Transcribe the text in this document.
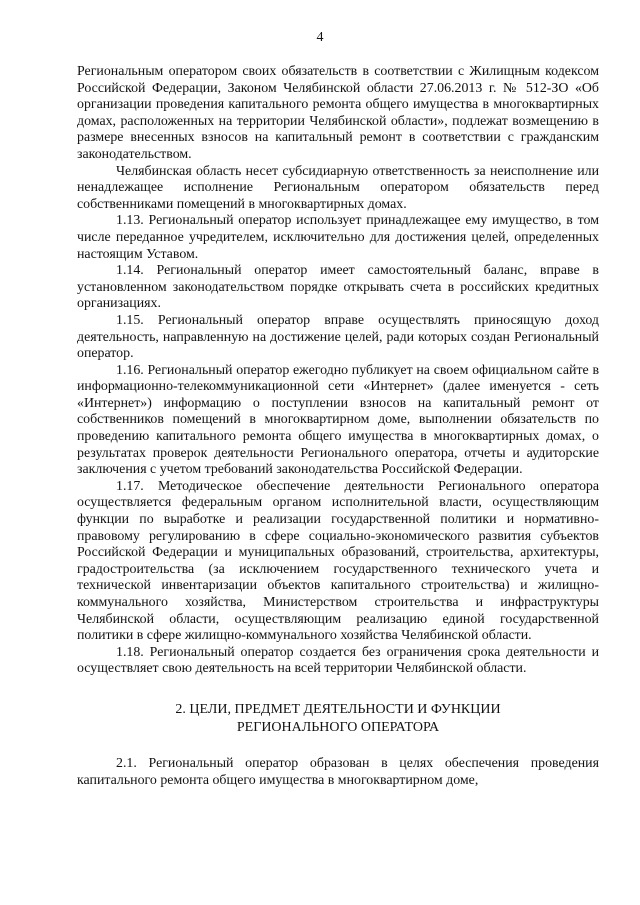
4

Региональным оператором своих обязательств в соответствии с Жилищным кодексом Российской Федерации, Законом Челябинской области 27.06.2013 г. № 512-ЗО «Об организации проведения капитального ремонта общего имущества в многоквартирных домах, расположенных на территории Челябинской области», подлежат возмещению в размере внесенных взносов на капитальный ремонт в соответствии с гражданским законодательством.

Челябинская область несет субсидиарную ответственность за неисполнение или ненадлежащее исполнение Региональным оператором обязательств перед собственниками помещений в многоквартирных домах.

1.13. Региональный оператор использует принадлежащее ему имущество, в том числе переданное учредителем, исключительно для достижения целей, определенных настоящим Уставом.

1.14. Региональный оператор имеет самостоятельный баланс, вправе в установленном законодательством порядке открывать счета в российских кредитных организациях.

1.15. Региональный оператор вправе осуществлять приносящую доход деятельность, направленную на достижение целей, ради которых создан Региональный оператор.

1.16. Региональный оператор ежегодно публикует на своем официальном сайте в информационно-телекоммуникационной сети «Интернет» (далее именуется - сеть «Интернет») информацию о поступлении взносов на капитальный ремонт от собственников помещений в многоквартирном доме, выполнении обязательств по проведению капитального ремонта общего имущества в многоквартирных домах, о результатах проверок деятельности Регионального оператора, отчеты и аудиторские заключения с учетом требований законодательства Российской Федерации.

1.17. Методическое обеспечение деятельности Регионального оператора осуществляется федеральным органом исполнительной власти, осуществляющим функции по выработке и реализации государственной политики и нормативно-правовому регулированию в сфере социально-экономического развития субъектов Российской Федерации и муниципальных образований, строительства, архитектуры, градостроительства (за исключением государственного технического учета и технической инвентаризации объектов капитального строительства) и жилищно-коммунального хозяйства, Министерством строительства и инфраструктуры Челябинской области, осуществляющим реализацию единой государственной политики в сфере жилищно-коммунального хозяйства Челябинской области.

1.18. Региональный оператор создается без ограничения срока деятельности и осуществляет свою деятельность на всей территории Челябинской области.

2. ЦЕЛИ, ПРЕДМЕТ ДЕЯТЕЛЬНОСТИ И ФУНКЦИИ
РЕГИОНАЛЬНОГО ОПЕРАТОРА

2.1. Региональный оператор образован в целях обеспечения проведения капитального ремонта общего имущества в многоквартирном доме,
